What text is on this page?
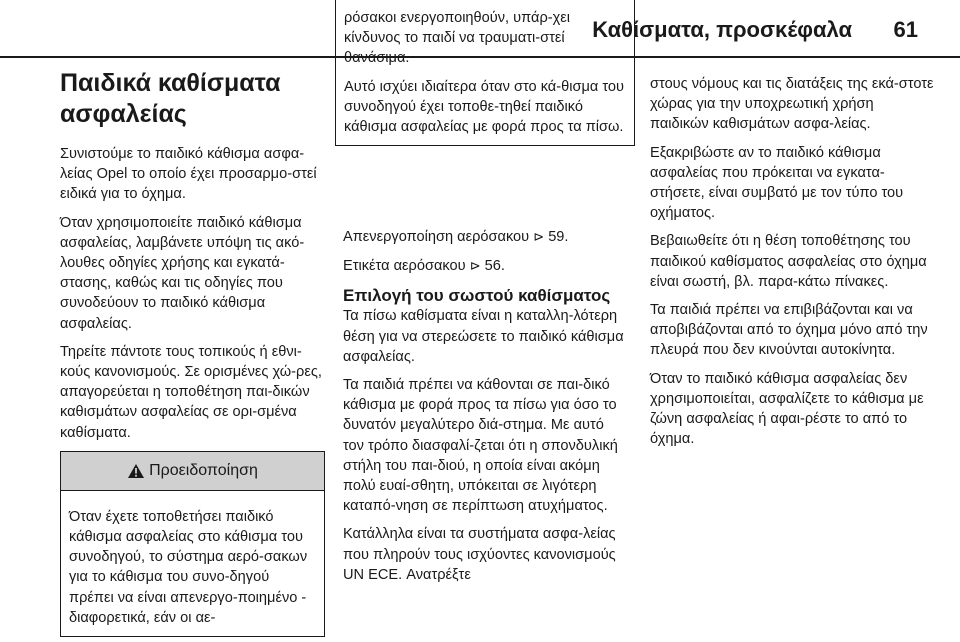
Καθίσματα, προσκέφαλα 61
Παιδικά καθίσματα ασφαλείας

Συνιστούμε το παιδικό κάθισμα ασφα-λείας Opel το οποίο έχει προσαρμο-στεί ειδικά για το όχημα.

Όταν χρησιμοποιείτε παιδικό κάθισμα ασφαλείας, λαμβάνετε υπόψη τις ακό-λουθες οδηγίες χρήσης και εγκατά-στασης, καθώς και τις οδηγίες που συνοδεύουν το παιδικό κάθισμα ασφαλείας.

Τηρείτε πάντοτε τους τοπικούς ή εθνι-κούς κανονισμούς. Σε ορισμένες χώ-ρες, απαγορεύεται η τοποθέτηση παι-δικών καθισμάτων ασφαλείας σε ορι-σμένα καθίσματα.

Προειδοποίηση

Όταν έχετε τοποθετήσει παιδικό κάθισμα ασφαλείας στο κάθισμα του συνοδηγού, το σύστημα αερό-σακων για το κάθισμα του συνο-δηγού πρέπει να είναι απενεργο-ποιημένο - διαφορετικά, εάν οι αε-

ρόσακοι ενεργοποιηθούν, υπάρ-χει κίνδυνος το παιδί να τραυματι-στεί θανάσιμα.

Αυτό ισχύει ιδιαίτερα όταν στο κά-θισμα του συνοδηγού έχει τοποθε-τηθεί παιδικό κάθισμα ασφαλείας με φορά προς τα πίσω.

Απενεργοποίηση αερόσακου ⊳ 59.

Ετικέτα αερόσακου ⊳ 56.

Επιλογή του σωστού καθίσματος

Τα πίσω καθίσματα είναι η καταλλη-λότερη θέση για να στερεώσετε το παιδικό κάθισμα ασφαλείας.

Τα παιδιά πρέπει να κάθονται σε παι-δικό κάθισμα με φορά προς τα πίσω για όσο το δυνατόν μεγαλύτερο διά-στημα. Με αυτό τον τρόπο διασφαλί-ζεται ότι η σπονδυλική στήλη του παι-διού, η οποία είναι ακόμη πολύ ευαί-σθητη, υπόκειται σε λιγότερη καταπό-νηση σε περίπτωση ατυχήματος.

Κατάλληλα είναι τα συστήματα ασφα-λείας που πληρούν τους ισχύοντες κανονισμούς UN ECE. Ανατρέξτε

στους νόμους και τις διατάξεις της εκά-στοτε χώρας για την υποχρεωτική χρήση παιδικών καθισμάτων ασφα-λείας.

Εξακριβώστε αν το παιδικό κάθισμα ασφαλείας που πρόκειται να εγκατα-στήσετε, είναι συμβατό με τον τύπο του οχήματος.

Βεβαιωθείτε ότι η θέση τοποθέτησης του παιδικού καθίσματος ασφαλείας στο όχημα είναι σωστή, βλ. παρα-κάτω πίνακες.

Τα παιδιά πρέπει να επιβιβάζονται και να αποβιβάζονται από το όχημα μόνο από την πλευρά που δεν κινούνται αυτοκίνητα.

Όταν το παιδικό κάθισμα ασφαλείας δεν χρησιμοποιείται, ασφαλίζετε το κάθισμα με ζώνη ασφαλείας ή αφαι-ρέστε το από το όχημα.
